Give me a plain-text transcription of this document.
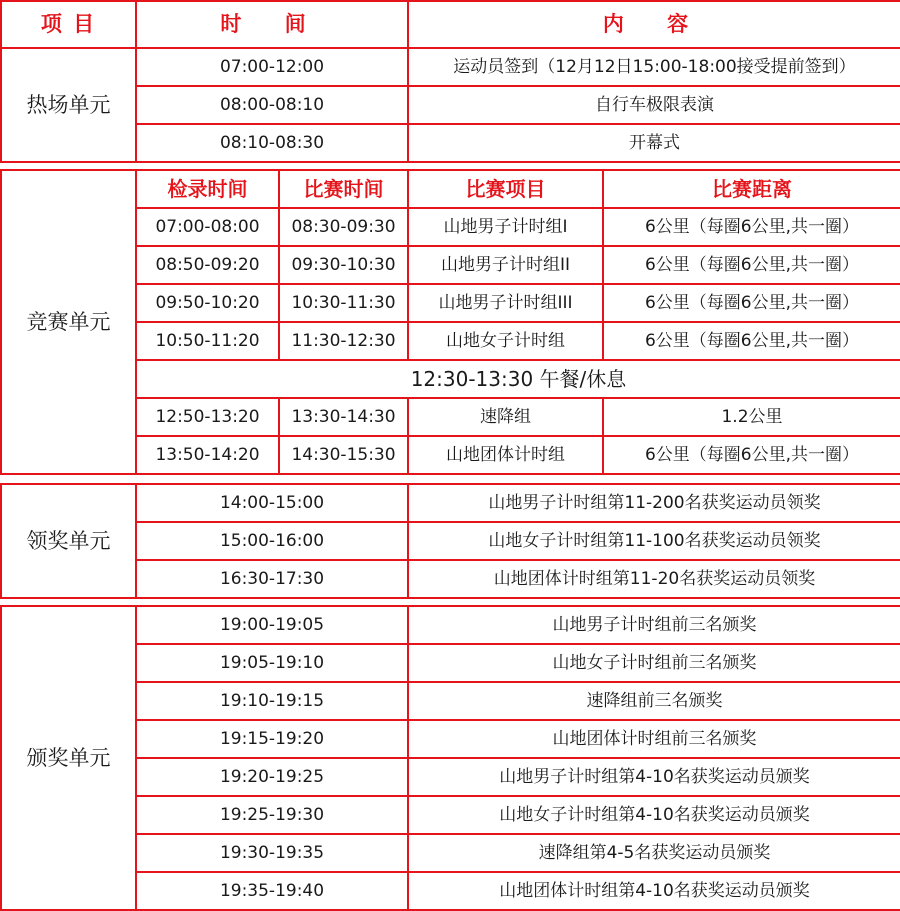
项 目	时 间	内 容
热场单元	07:00-12:00	运动员签到（12月12日15:00-18:00接受提前签到）
	08:00-08:10	自行车极限表演
	08:10-08:30	开幕式
竞赛单元	检录时间	比赛时间	比赛项目	比赛距离
	07:00-08:00	08:30-09:30	山地男子计时组I	6公里（每圈6公里,共一圈）
	08:50-09:20	09:30-10:30	山地男子计时组II	6公里（每圈6公里,共一圈）
	09:50-10:20	10:30-11:30	山地男子计时组III	6公里（每圈6公里,共一圈）
	10:50-11:20	11:30-12:30	山地女子计时组	6公里（每圈6公里,共一圈）
	12:30-13:30 午餐/休息			
	12:50-13:20	13:30-14:30	速降组	1.2公里
	13:50-14:20	14:30-15:30	山地团体计时组	6公里（每圈6公里,共一圈）
领奖单元	14:00-15:00	山地男子计时组第11-200名获奖运动员领奖
	15:00-16:00	山地女子计时组第11-100名获奖运动员领奖
	16:30-17:30	山地团体计时组第11-20名获奖运动员领奖
颁奖单元	19:00-19:05	山地男子计时组前三名颁奖
	19:05-19:10	山地女子计时组前三名颁奖
	19:10-19:15	速降组前三名颁奖
	19:15-19:20	山地团体计时组前三名颁奖
	19:20-19:25	山地男子计时组第4-10名获奖运动员颁奖
	19:25-19:30	山地女子计时组第4-10名获奖运动员颁奖
	19:30-19:35	速降组第4-5名获奖运动员颁奖
	19:35-19:40	山地团体计时组第4-10名获奖运动员颁奖
